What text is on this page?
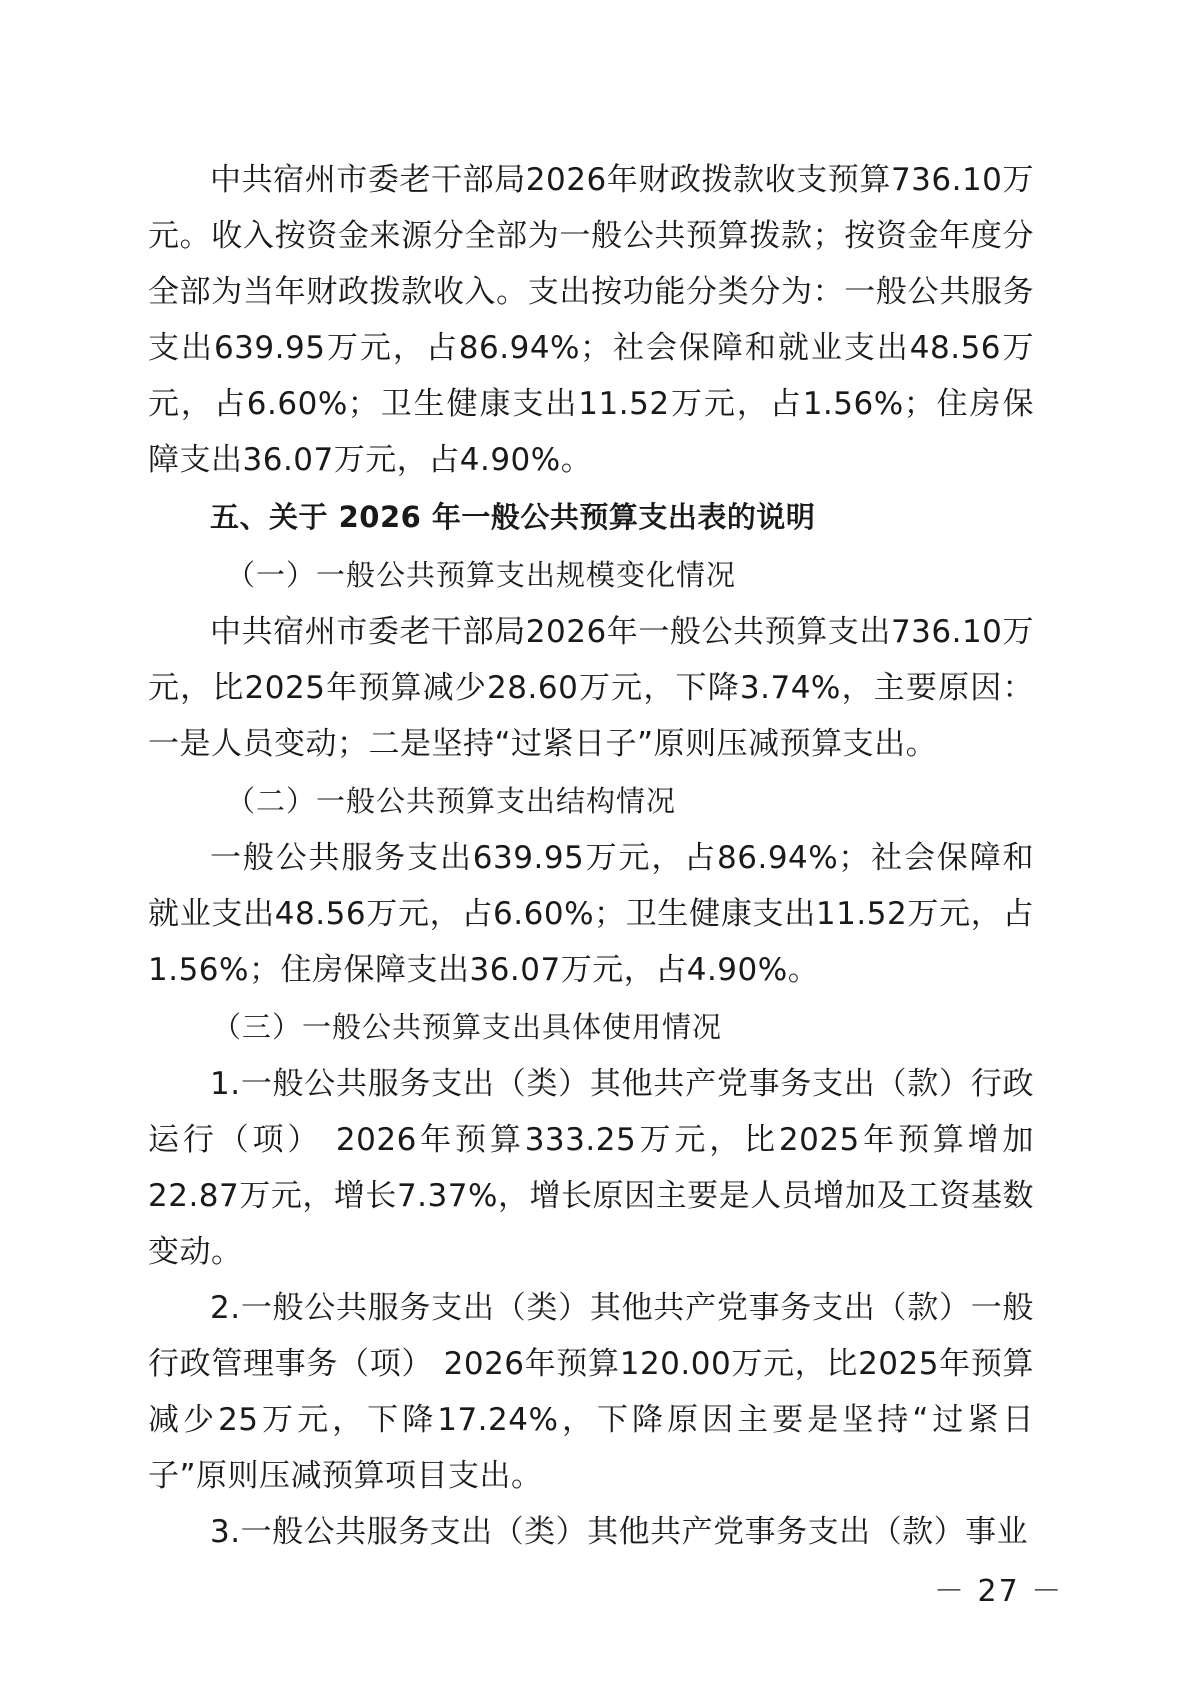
中共宿州市委老干部局2026年财政拨款收支预算736.10万元。收入按资金来源分全部为一般公共预算拨款；按资金年度分全部为当年财政拨款收入。支出按功能分类分为：一般公共服务支出639.95万元，占86.94%；社会保障和就业支出48.56万元，占6.60%；卫生健康支出11.52万元，占1.56%；住房保障支出36.07万元，占4.90%。

五、关于 2026 年一般公共预算支出表的说明

（一）一般公共预算支出规模变化情况

中共宿州市委老干部局2026年一般公共预算支出736.10万元，比2025年预算减少28.60万元，下降3.74%，主要原因：一是人员变动；二是坚持“过紧日子”原则压减预算支出。

（二）一般公共预算支出结构情况

一般公共服务支出639.95万元，占86.94%；社会保障和就业支出48.56万元，占6.60%；卫生健康支出11.52万元，占1.56%；住房保障支出36.07万元，占4.90%。

（三）一般公共预算支出具体使用情况

1.一般公共服务支出（类）其他共产党事务支出（款）行政运行（项） 2026年预算333.25万元，比2025年预算增加22.87万元，增长7.37%，增长原因主要是人员增加及工资基数变动。

2.一般公共服务支出（类）其他共产党事务支出（款）一般行政管理事务（项） 2026年预算120.00万元，比2025年预算减少25万元，下降17.24%，下降原因主要是坚持“过紧日子”原则压减预算项目支出。

3.一般公共服务支出（类）其他共产党事务支出（款）事业

－ 27 －
